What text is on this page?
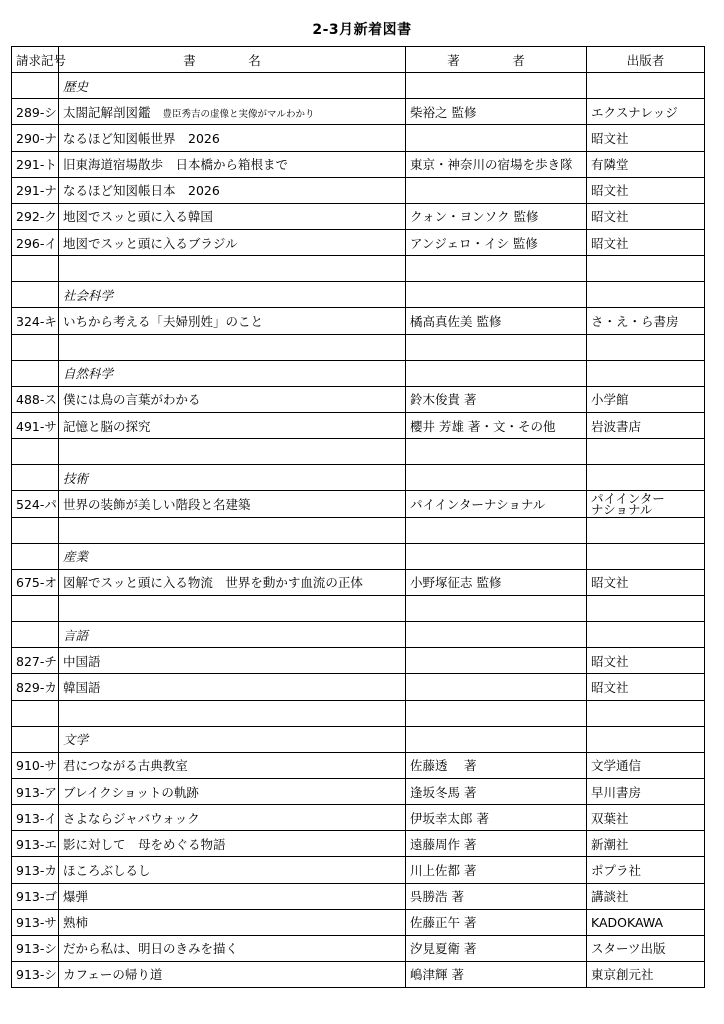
2-3月新着図書
請求記号	書　名	著　者	出版者
	歴史		
289-シ	太閤記解剖図鑑 豊臣秀吉の虚像と実像がマルわかり	柴裕之 監修	エクスナレッジ
290-ナ	なるほど知図帳世界　2026		昭文社
291-ト	旧東海道宿場散歩　日本橋から箱根まで	東京・神奈川の宿場を歩き隊	有隣堂
291-ナ	なるほど知図帳日本　2026		昭文社
292-ク	地図でスッと頭に入る韓国	クォン・ヨンソク 監修	昭文社
296-イ	地図でスッと頭に入るブラジル	アンジェロ・イシ 監修	昭文社

	社会科学		
324-キ	いちから考える「夫婦別姓」のこと	橘高真佐美 監修	さ・え・ら書房

	自然科学		
488-ス	僕には鳥の言葉がわかる	鈴木俊貴 著	小学館
491-サ	記憶と脳の探究	櫻井 芳雄 著・文・その他	岩波書店

	技術		
524-パ	世界の装飾が美しい階段と名建築	パイインターナショナル	パイインター
ナショナル

	産業		
675-オ	図解でスッと頭に入る物流　世界を動かす血流の正体	小野塚征志 監修	昭文社

	言語		
827-チ	中国語		昭文社
829-カ	韓国語		昭文社

	文学		
910-サ	君につながる古典教室	佐藤透　 著	文学通信
913-ア	ブレイクショットの軌跡	逢坂冬馬 著	早川書房
913-イ	さよならジャバウォック	伊坂幸太郎 著	双葉社
913-エ	影に対して　母をめぐる物語	遠藤周作 著	新潮社
913-カ	ほころぶしるし	川上佐都 著	ポプラ社
913-ゴ	爆弾	呉勝浩 著	講談社
913-サ	熟柿	佐藤正午 著	KADOKAWA
913-シ	だから私は、明日のきみを描く	汐見夏衛 著	スターツ出版
913-シ	カフェーの帰り道	嶋津輝 著	東京創元社
